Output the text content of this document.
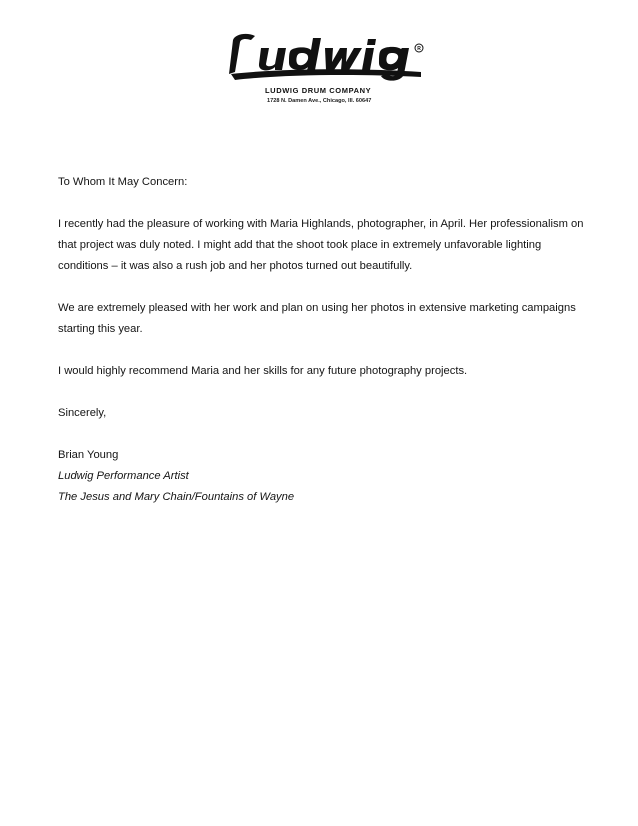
R
LUDWIG DRUM COMPANY
1728 N. Damen Ave., Chicago, Ill. 60647

To Whom It May Concern:

I recently had the pleasure of working with Maria Highlands, photographer, in April. Her professionalism on that project was duly noted. I might add that the shoot took place in extremely unfavorable lighting conditions – it was also a rush job and her photos turned out beautifully.

We are extremely pleased with her work and plan on using her photos in extensive marketing campaigns starting this year.

I would highly recommend Maria and her skills for any future photography projects.

Sincerely,

Brian Young

Ludwig Performance Artist

The Jesus and Mary Chain/Fountains of Wayne
